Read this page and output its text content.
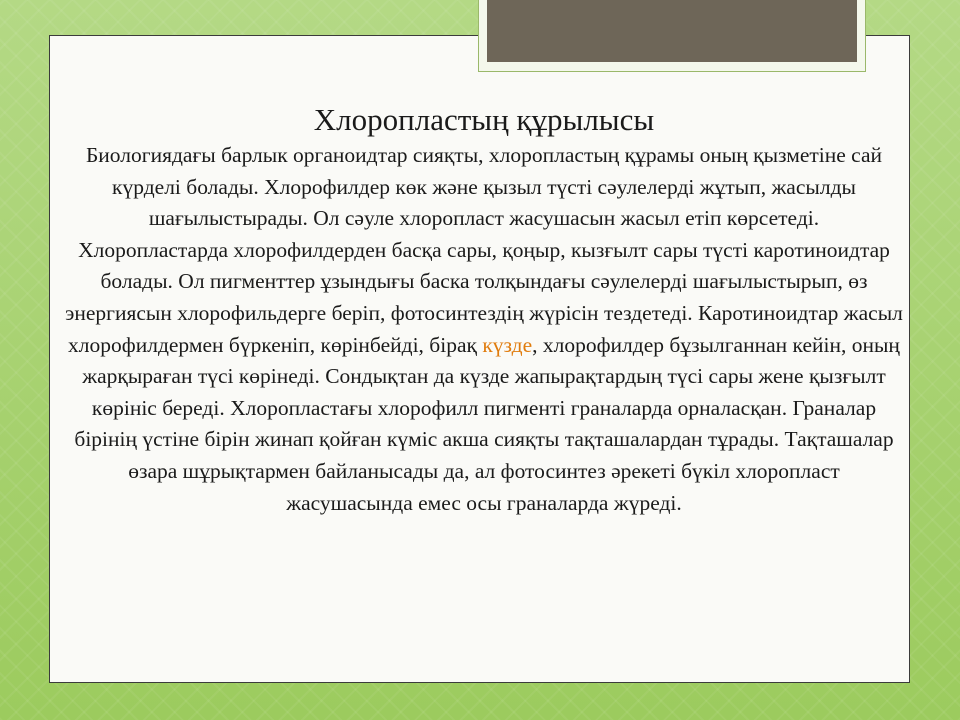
Хлоропластың құрылысы

Биологиядағы барлык органоидтар сияқты, хлоропластың құрамы оның қызметіне сай күрделі болады. Хлорофилдер көк және қызыл түсті сәулелерді жұтып, жасылды шағылыстырады. Ол сәуле хлоропласт жасушасын жасыл етіп көрсетеді.

Хлоропластарда хлорофилдерден басқа сары, қоңыр, кызғылт сары түсті каротиноидтар болады. Ол пигменттер ұзындығы баска толқындағы сәулелерді шағылыстырып, өз энергиясын хлорофильдерге беріп, фотосинтездің жүрісін тездетеді. Каротиноидтар жасыл хлорофилдермен бүркеніп, көрінбейді, бірақ күзде, хлорофилдер бұзылганнан кейін, оның жарқыраған түсі көрінеді. Сондықтан да күзде жапырақтардың түсі сары жене қызғылт көрініс береді. Хлоропластағы хлорофилл пигменті граналарда орналасқан. Граналар бірінің үстіне бірін жинап қойған күміс акша сияқты тақташалардан тұрады. Тақташалар өзара шұрықтармен байланысады да, ал фотосинтез әрекеті бүкіл хлоропласт жасушасында емес осы граналарда жүреді.
